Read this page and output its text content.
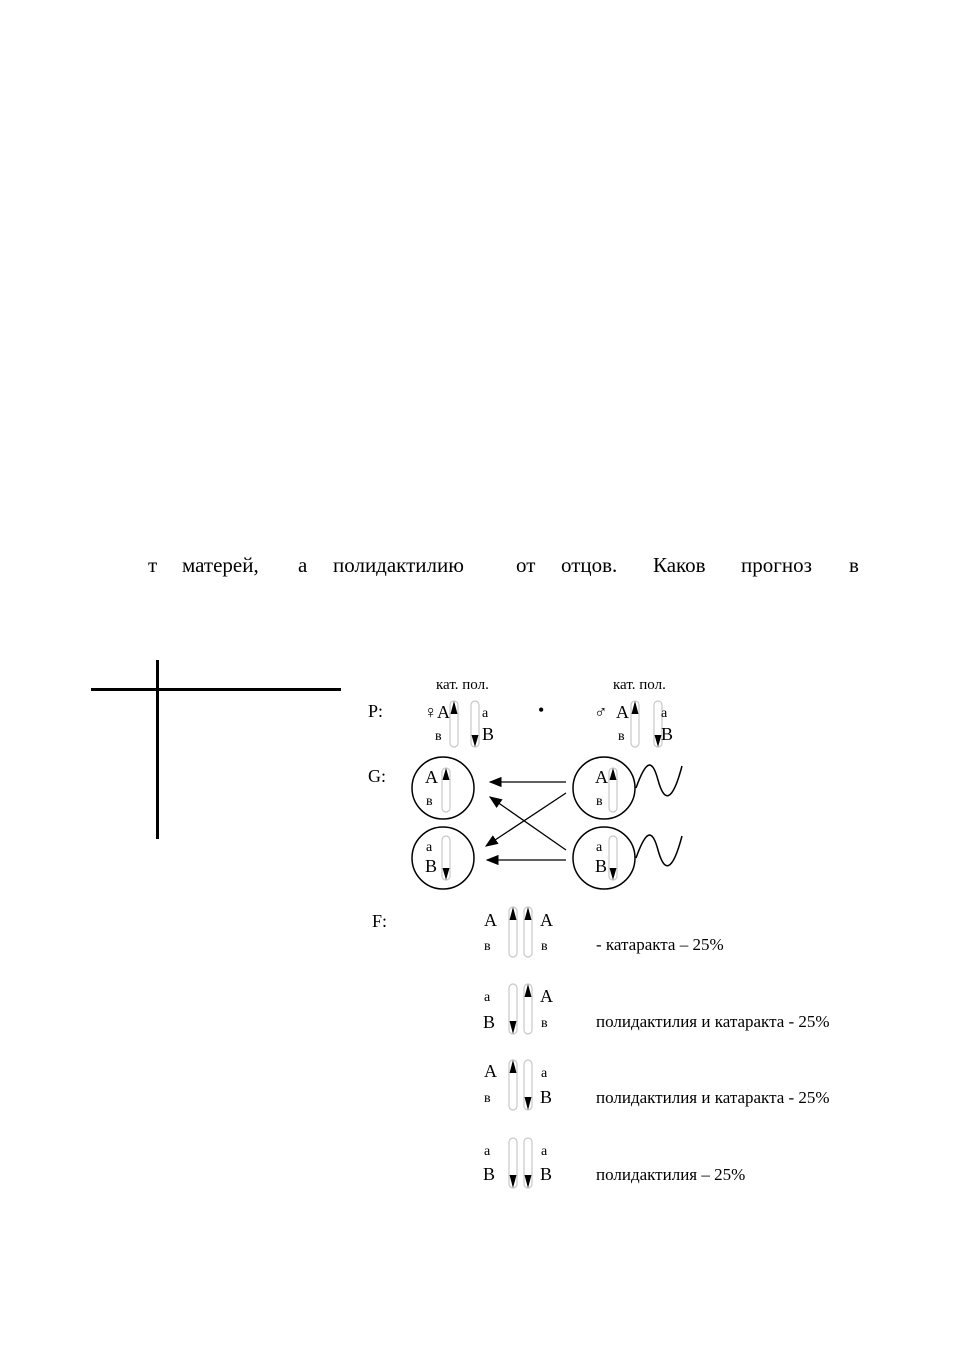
т матерей, а полидактилию от отцов. Каков прогноз в
кат. пол.	кат. пол.
P: ♀ A
в
а
В
•	♂ A
в
а
В
G: A
в
а
В
A
в
а
В
F:	A
в
A
в	- катаракта – 25%
а
В
A
в	полидактилия и катаракта - 25%
A
в
а
В	полидактилия и катаракта - 25%
а
В
а
В	полидактилия – 25%
